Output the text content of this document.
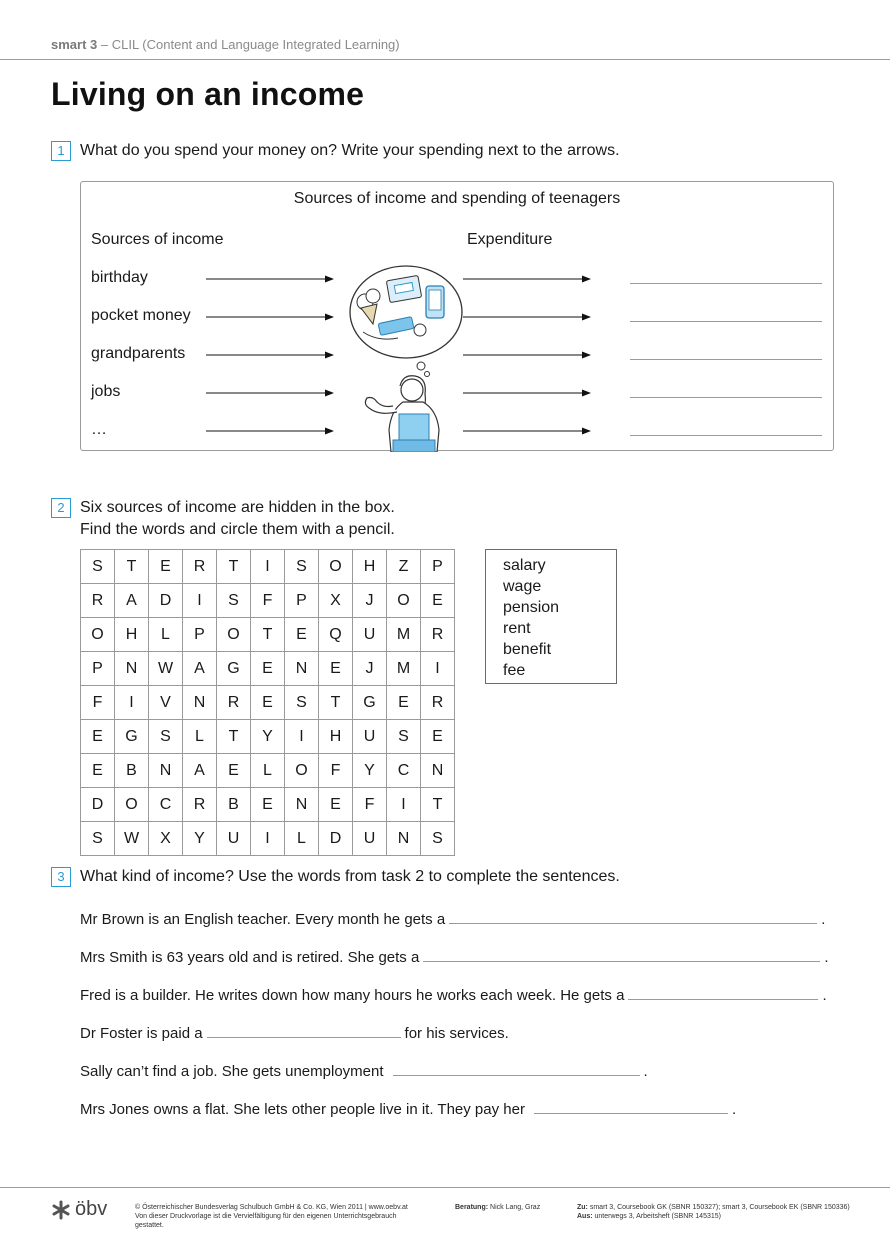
smart 3 – CLIL (Content and Language Integrated Learning)
Living on an income
1 What do you spend your money on? Write your spending next to the arrows.
Sources of income and spending of teenagers
Sources of income	Expenditure
birthday
pocket money
grandparents
jobs
…
2 Six sources of income are hidden in the box.
Find the words and circle them with a pencil.
S	T	E	R	T	I	S	O	H	Z	P
R	A	D	I	S	F	P	X	J	O	E
O	H	L	P	O	T	E	Q	U	M	R
P	N	W	A	G	E	N	E	J	M	I
F	I	V	N	R	E	S	T	G	E	R
E	G	S	L	T	Y	I	H	U	S	E
E	B	N	A	E	L	O	F	Y	C	N
D	O	C	R	B	E	N	E	F	I	T
S	W	X	Y	U	I	L	D	U	N	S
salary
wage
pension
rent
benefit
fee
3 What kind of income? Use the words from task 2 to complete the sentences.
Mr Brown is an English teacher. Every month he gets a	.
Mrs Smith is 63 years old and is retired. She gets a	.
Fred is a builder. He writes down how many hours he works each week. He gets a	.
Dr Foster is paid a	for his services.
Sally can’t find a job. She gets unemployment	.
Mrs Jones owns a flat. She lets other people live in it. They pay her	.
öbv	© Österreichischer Bundesverlag Schulbuch GmbH & Co. KG, Wien 2011 | www.oebv.at
Von dieser Druckvorlage ist die Vervielfältigung für den eigenen Unterrichtsgebrauch
gestattet.
Beratung: Nick Lang, Graz	Zu: smart 3, Coursebook GK (SBNR 150327); smart 3, Coursebook EK (SBNR 150336)
Aus: unterwegs 3, Arbeitsheft (SBNR 145315)
